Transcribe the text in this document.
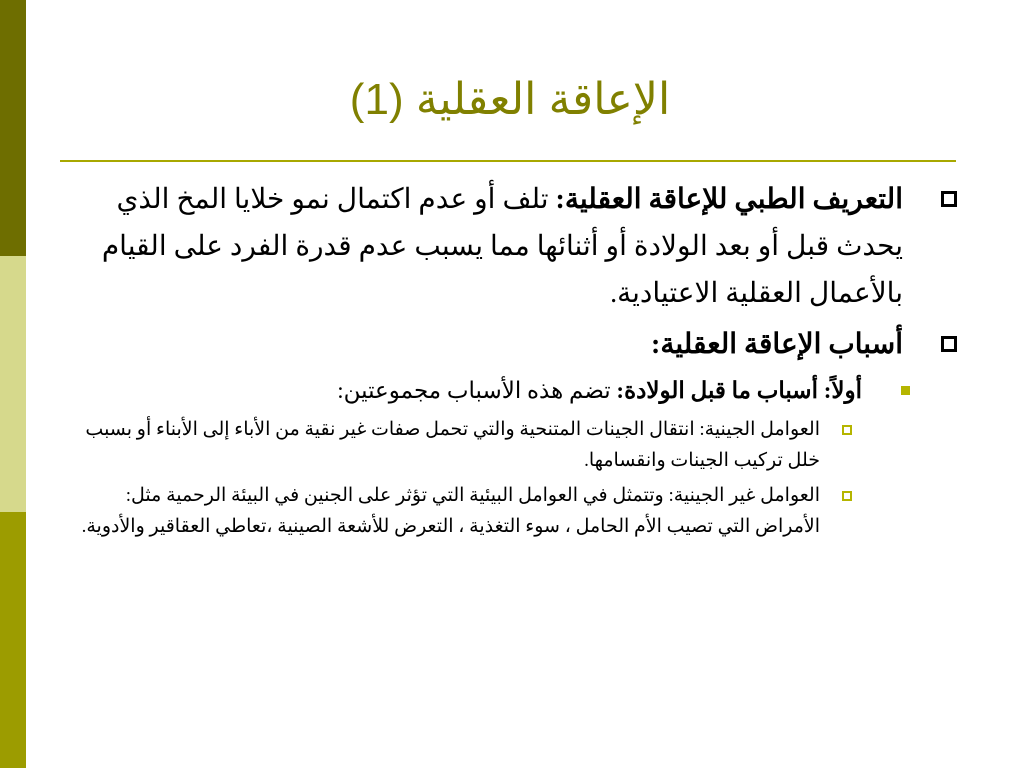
الإعاقة العقلية (1)
التعريف الطبي للإعاقة العقلية: تلف أو عدم اكتمال نمو خلايا المخ الذي يحدث قبل أو بعد الولادة أو أثنائها مما يسبب عدم قدرة الفرد على القيام بالأعمال العقلية الاعتيادية.
أسباب الإعاقة العقلية:
أولاً: أسباب ما قبل الولادة: تضم هذه الأسباب مجموعتين:
العوامل الجينية: انتقال الجينات المتنحية والتي تحمل صفات غير نقية من الأباء إلى الأبناء أو بسبب خلل تركيب الجينات وانقسامها.
العوامل غير الجينية: وتتمثل في العوامل البيئية التي تؤثر على الجنين في البيئة الرحمية مثل: الأمراض التي تصيب الأم الحامل ، سوء التغذية ، التعرض للأشعة الصينية ،تعاطي العقاقير والأدوية.
